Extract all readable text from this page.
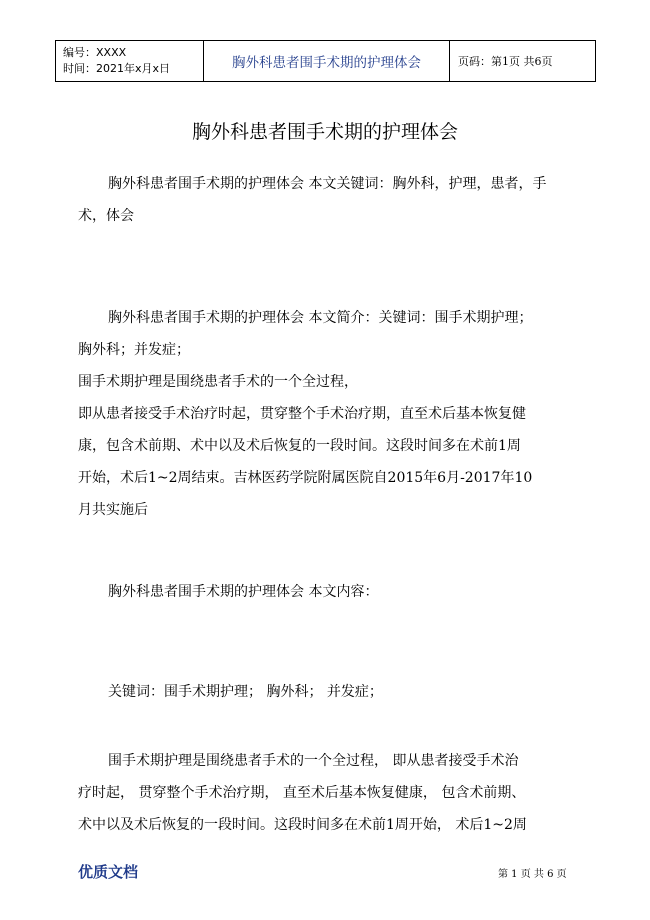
编号：XXXX
时间：2021年x月x日	胸外科患者围手术期的护理体会	页码：第1页 共6页
胸外科患者围手术期的护理体会
胸外科患者围手术期的护理体会 本文关键词：胸外科，护理，患者，手
术，体会
胸外科患者围手术期的护理体会 本文简介：关键词：围手术期护理；
胸外科；并发症；
围手术期护理是围绕患者手术的一个全过程，
即从患者接受手术治疗时起，贯穿整个手术治疗期，直至术后基本恢复健
康，包含术前期、术中以及术后恢复的一段时间。这段时间多在术前1周
开始，术后1~2周结束。吉林医药学院附属医院自2015年6月-2017年10
月共实施后
胸外科患者围手术期的护理体会 本文内容：
关键词：围手术期护理； 胸外科； 并发症；
围手术期护理是围绕患者手术的一个全过程， 即从患者接受手术治
疗时起， 贯穿整个手术治疗期， 直至术后基本恢复健康， 包含术前期、
术中以及术后恢复的一段时间。这段时间多在术前1周开始， 术后1~2周
优质文档	第 1 页 共 6 页
